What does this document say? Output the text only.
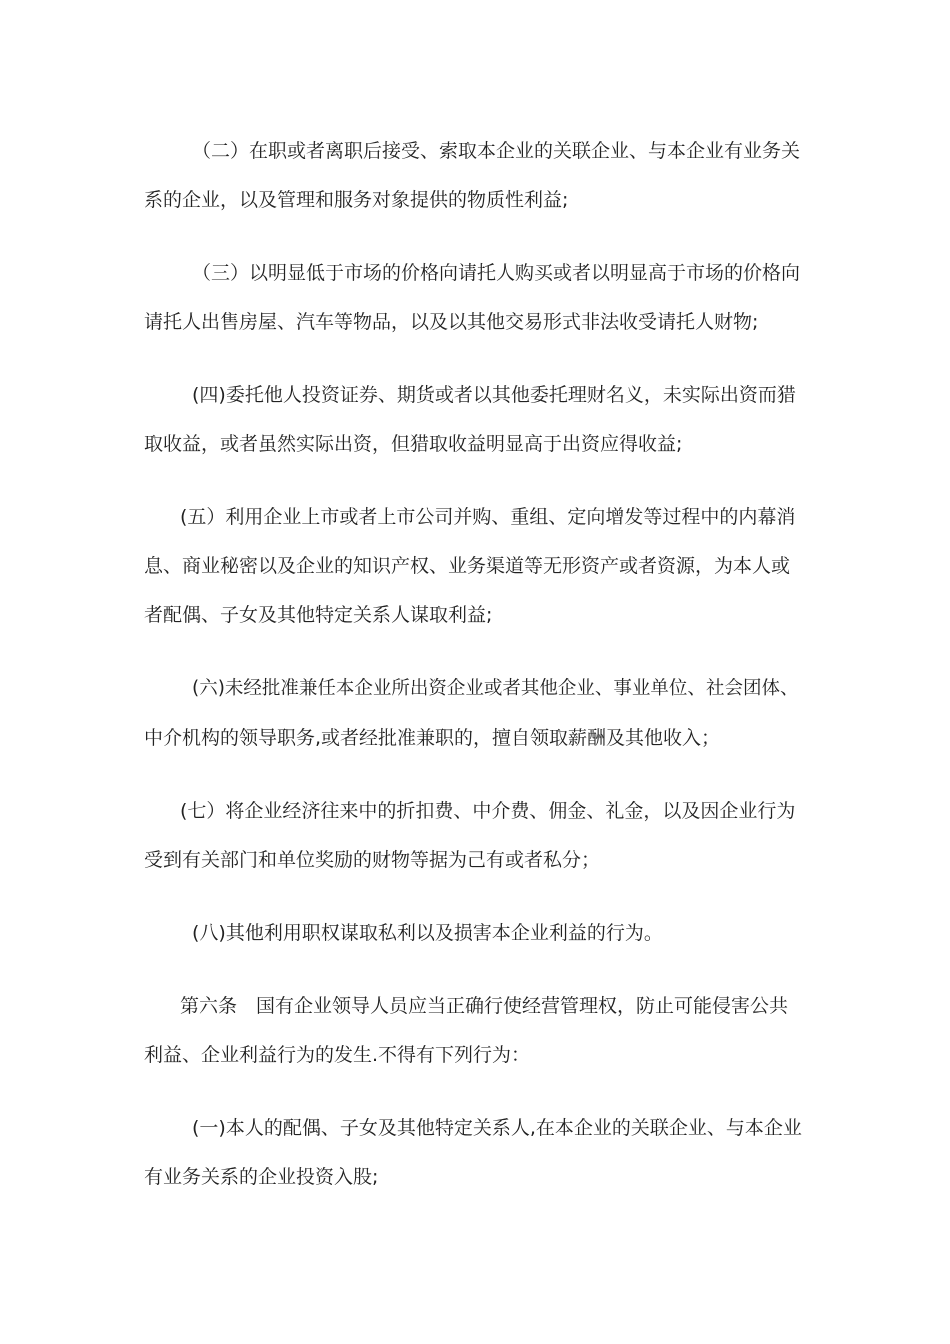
（二）在职或者离职后接受、索取本企业的关联企业、与本企业有业务关
系的企业，以及管理和服务对象提供的物质性利益;
（三）以明显低于市场的价格向请托人购买或者以明显高于市场的价格向
请托人出售房屋、汽车等物品，以及以其他交易形式非法收受请托人财物;
(四)委托他人投资证券、期货或者以其他委托理财名义，未实际出资而猎
取收益，或者虽然实际出资，但猎取收益明显高于出资应得收益;
(五）利用企业上市或者上市公司并购、重组、定向增发等过程中的内幕消
息、商业秘密以及企业的知识产权、业务渠道等无形资产或者资源，为本人或
者配偶、子女及其他特定关系人谋取利益;
(六)未经批准兼任本企业所出资企业或者其他企业、事业单位、社会团体、
中介机构的领导职务,或者经批准兼职的，擅自领取薪酬及其他收入；
(七）将企业经济往来中的折扣费、中介费、佣金、礼金，以及因企业行为
受到有关部门和单位奖励的财物等据为己有或者私分；
(八)其他利用职权谋取私利以及损害本企业利益的行为。
第六条　国有企业领导人员应当正确行使经营管理权，防止可能侵害公共
利益、企业利益行为的发生.不得有下列行为：
(一)本人的配偶、子女及其他特定关系人,在本企业的关联企业、与本企业
有业务关系的企业投资入股;
